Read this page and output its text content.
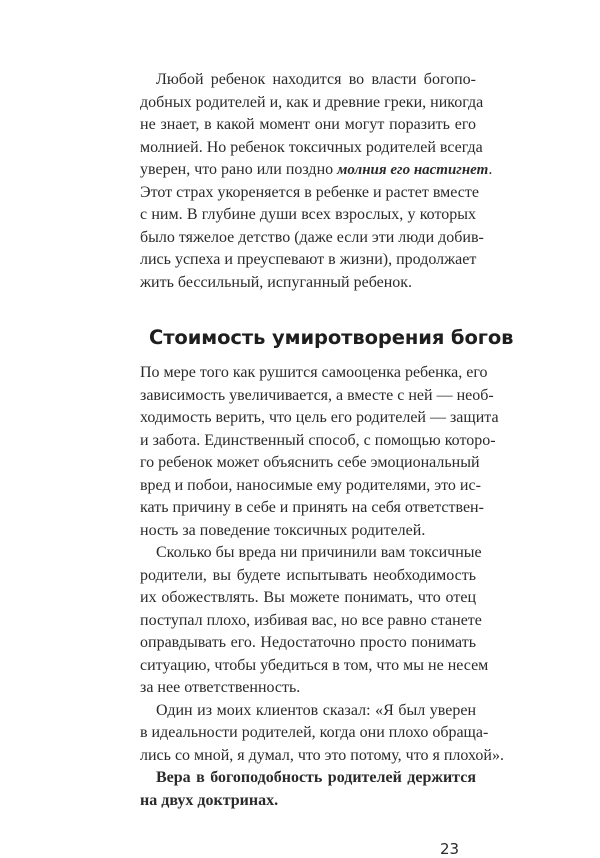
Любой ребенок находится во власти богопо-
добных родителей и, как и древние греки, никогда
не знает, в какой момент они могут поразить его
молнией. Но ребенок токсичных родителей всегда
уверен, что рано или поздно молния его настигнет.
Этот страх укореняется в ребенке и растет вместе
с ним. В глубине души всех взрослых, у которых
было тяжелое детство (даже если эти люди добив-
лись успеха и преуспевают в жизни), продолжает
жить бессильный, испуганный ребенок.
Стоимость умиротворения богов
По мере того как рушится самооценка ребенка, его
зависимость увеличивается, а вместе с ней — необ-
ходимость верить, что цель его родителей — защита
и забота. Единственный способ, с помощью которо-
го ребенок может объяснить себе эмоциональный
вред и побои, наносимые ему родителями, это ис-
кать причину в себе и принять на себя ответствен-
ность за поведение токсичных родителей.
Сколько бы вреда ни причинили вам токсичные
родители, вы будете испытывать необходимость
их обожествлять. Вы можете понимать, что отец
поступал плохо, избивая вас, но все равно станете
оправдывать его. Недостаточно просто понимать
ситуацию, чтобы убедиться в том, что мы не несем
за нее ответственность.
Один из моих клиентов сказал: «Я был уверен
в идеальности родителей, когда они плохо обраща-
лись со мной, я думал, что это потому, что я плохой».
Вера в богоподобность родителей держится
на двух доктринах.
23
